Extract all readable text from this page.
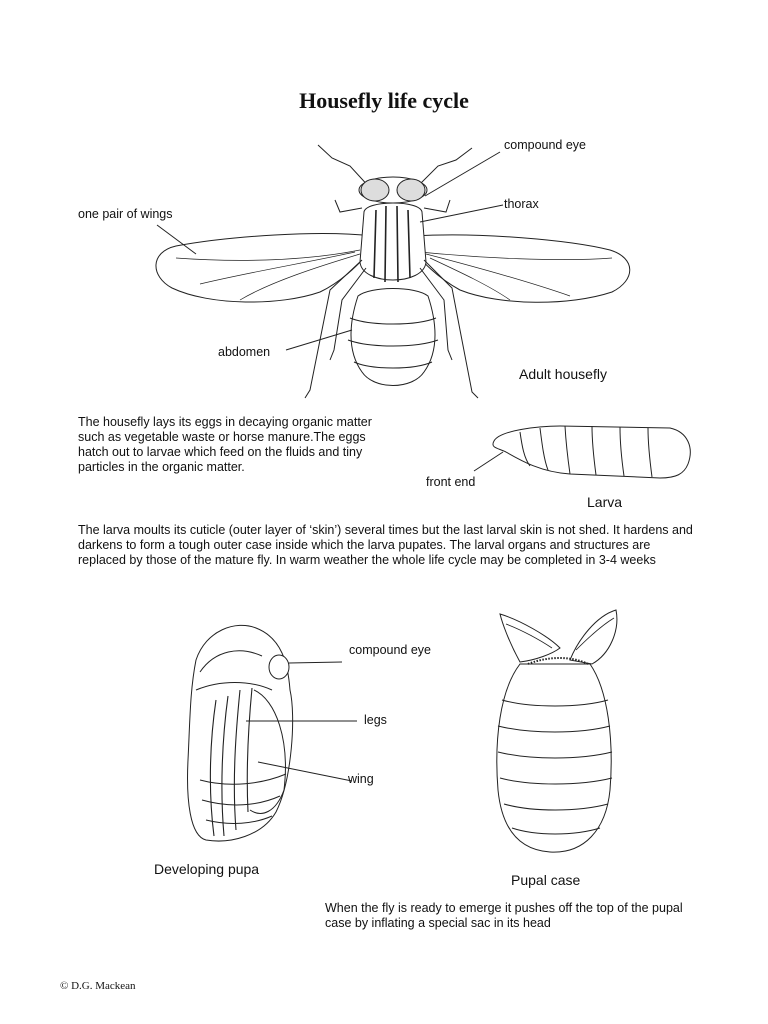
Housefly life cycle
compound eye
thorax
one pair of wings
abdomen
Adult housefly
The housefly lays its eggs in decaying organic matter such as vegetable waste or horse manure.The eggs hatch out to larvae which feed on the fluids and tiny particles in the organic matter.
front end
Larva
The larva moults its cuticle (outer layer of ‘skin’) several times but the last larval skin is not shed. It hardens and darkens to form a tough outer case inside which the larva pupates. The larval organs and structures are replaced by those of the mature fly. In warm weather the whole life cycle may be completed in 3-4 weeks
compound eye
legs
wing
Developing pupa
Pupal case
When the fly is ready to emerge it pushes off the top of the pupal case by inflating a special sac in its head
© D.G. Mackean
